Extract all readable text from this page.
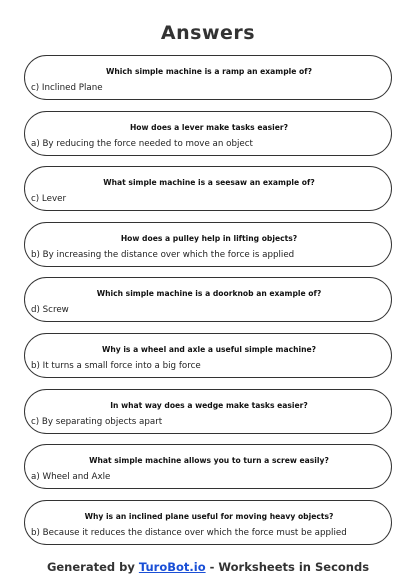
Answers
Which simple machine is a ramp an example of?
c) Inclined Plane
How does a lever make tasks easier?
a) By reducing the force needed to move an object
What simple machine is a seesaw an example of?
c) Lever
How does a pulley help in lifting objects?
b) By increasing the distance over which the force is applied
Which simple machine is a doorknob an example of?
d) Screw
Why is a wheel and axle a useful simple machine?
b) It turns a small force into a big force
In what way does a wedge make tasks easier?
c) By separating objects apart
What simple machine allows you to turn a screw easily?
a) Wheel and Axle
Why is an inclined plane useful for moving heavy objects?
b) Because it reduces the distance over which the force must be applied
Generated by TuroBot.io - Worksheets in Seconds
